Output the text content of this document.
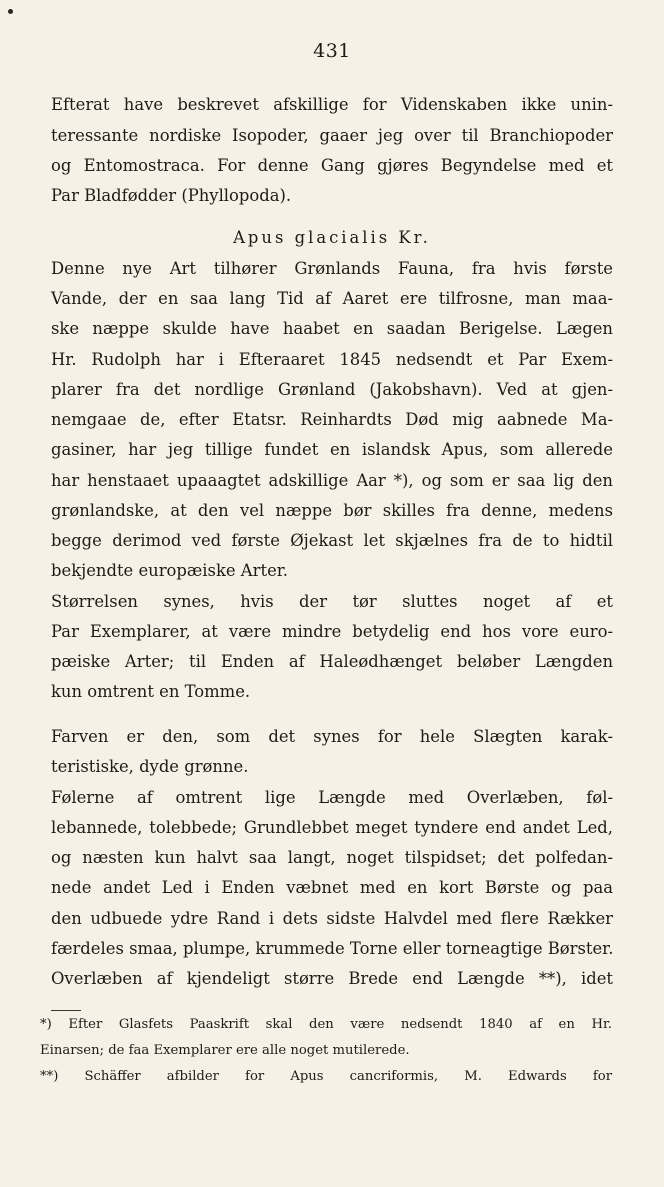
431
Efterat have beskrevet afskillige for Videnskaben ikke unin-
teressante nordiske Isopoder, gaaer jeg over til Branchiopoder
og Entomostraca. For denne Gang gjøres Begyndelse med et
Par Bladfødder (Phyllopoda).
Apus glacialis Kr.
Denne nye Art tilhører Grønlands Fauna, fra hvis første
Vande, der en saa lang Tid af Aaret ere tilfrosne, man maa-
ske næppe skulde have haabet en saadan Berigelse. Lægen
Hr. Rudolph har i Efteraaret 1845 nedsendt et Par Exem-
plarer fra det nordlige Grønland (Jakobshavn). Ved at gjen-
nemgaae de, efter Etatsr. Reinhardts Død mig aabnede Ma-
gasiner, har jeg tillige fundet en islandsk Apus, som allerede
har henstaaet upaaagtet adskillige Aar *), og som er saa lig den
grønlandske, at den vel næppe bør skilles fra denne, medens
begge derimod ved første Øjekast let skjælnes fra de to hidtil
bekjendte europæiske Arter.
Størrelsen synes, hvis der tør sluttes noget af et
Par Exemplarer, at være mindre betydelig end hos vore euro-
pæiske Arter; til Enden af Haleødhænget beløber Længden
kun omtrent en Tomme.
Farven er den, som det synes for hele Slægten karak-
teristiske, dyde grønne.
Følerne af omtrent lige Længde med Overlæben, føl-
lebannede, tolebbede; Grundlebbet meget tyndere end andet Led,
og næsten kun halvt saa langt, noget tilspidset; det polfedan-
nede andet Led i Enden væbnet med en kort Børste og paa
den udbuede ydre Rand i dets sidste Halvdel med flere Rækker
færdeles smaa, plumpe, krummede Torne eller torneagtige Børster.
Overlæben af kjendeligt større Brede end Længde **), idet
*) Efter Glasfets Paaskrift skal den være nedsendt 1840 af en Hr.
Einarsen; de faa Exemplarer ere alle noget mutilerede.
**) Schäffer afbilder for Apus cancriformis, M. Edwards for
